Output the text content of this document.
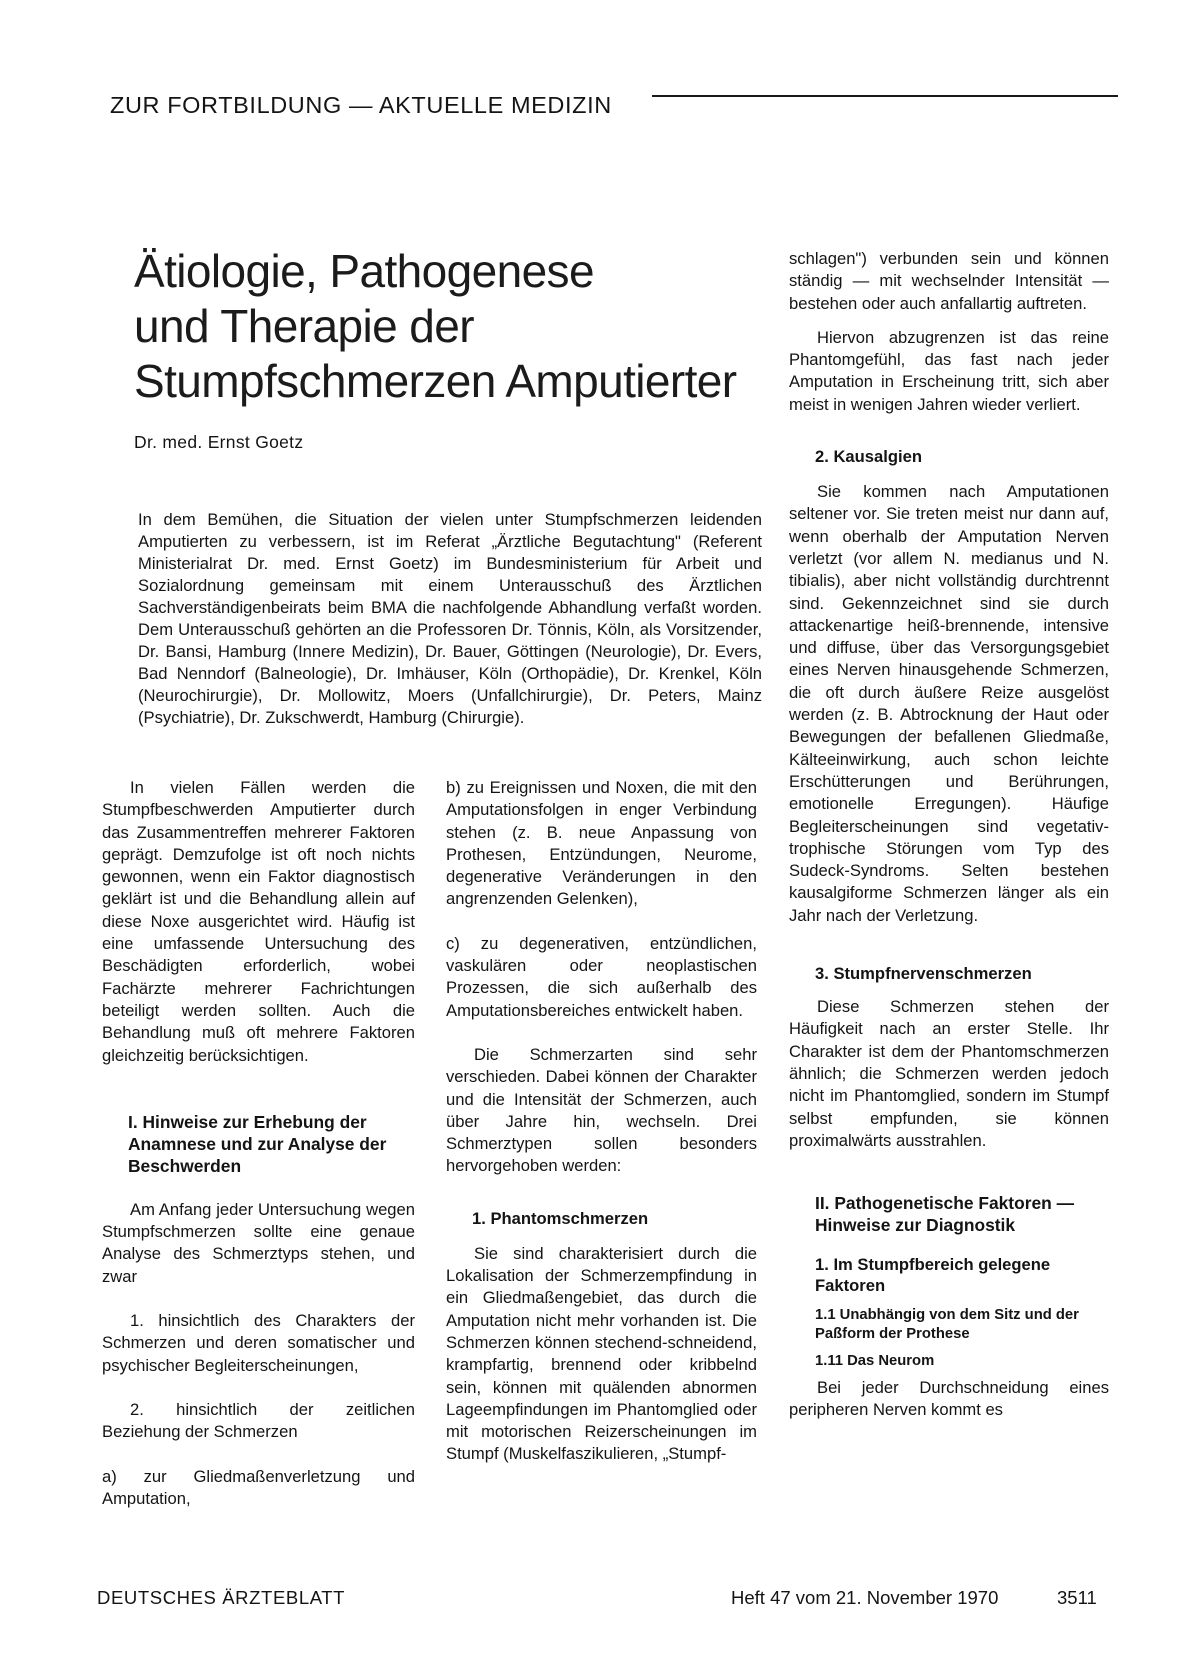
ZUR FORTBILDUNG — AKTUELLE MEDIZIN
Ätiologie, Pathogenese
und Therapie der
Stumpfschmerzen Amputierter
Dr. med. Ernst Goetz
In dem Bemühen, die Situation der vielen unter Stumpfschmerzen leidenden Amputierten zu verbessern, ist im Referat „Ärztliche Begutachtung" (Referent Ministerialrat Dr. med. Ernst Goetz) im Bundesministerium für Arbeit und Sozialordnung gemeinsam mit einem Unterausschuß des Ärztlichen Sachverständigenbeirats beim BMA die nachfolgende Abhandlung verfaßt worden. Dem Unterausschuß gehörten an die Professoren Dr. Tönnis, Köln, als Vorsitzender, Dr. Bansi, Hamburg (Innere Medizin), Dr. Bauer, Göttingen (Neurologie), Dr. Evers, Bad Nenndorf (Balneologie), Dr. Imhäuser, Köln (Orthopädie), Dr. Krenkel, Köln (Neurochirurgie), Dr. Mollowitz, Moers (Unfallchirurgie), Dr. Peters, Mainz (Psychiatrie), Dr. Zukschwerdt, Hamburg (Chirurgie).

In vielen Fällen werden die Stumpfbeschwerden Amputierter durch das Zusammentreffen mehrerer Faktoren geprägt. Demzufolge ist oft noch nichts gewonnen, wenn ein Faktor diagnostisch geklärt ist und die Behandlung allein auf diese Noxe ausgerichtet wird. Häufig ist eine umfassende Untersuchung des Beschädigten erforderlich, wobei Fachärzte mehrerer Fachrichtungen beteiligt werden sollten. Auch die Behandlung muß oft mehrere Faktoren gleichzeitig berücksichtigen.

I. Hinweise zur Erhebung der Anamnese und zur Analyse der Beschwerden

Am Anfang jeder Untersuchung wegen Stumpfschmerzen sollte eine genaue Analyse des Schmerztyps stehen, und zwar

1. hinsichtlich des Charakters der Schmerzen und deren somatischer und psychischer Begleiterscheinungen,

2. hinsichtlich der zeitlichen Beziehung der Schmerzen

a) zur Gliedmaßenverletzung und Amputation,

b) zu Ereignissen und Noxen, die mit den Amputationsfolgen in enger Verbindung stehen (z. B. neue Anpassung von Prothesen, Entzündungen, Neurome, degenerative Veränderungen in den angrenzenden Gelenken),

c) zu degenerativen, entzündlichen, vaskulären oder neoplastischen Prozessen, die sich außerhalb des Amputationsbereiches entwickelt haben.

Die Schmerzarten sind sehr verschieden. Dabei können der Charakter und die Intensität der Schmerzen, auch über Jahre hin, wechseln. Drei Schmerztypen sollen besonders hervorgehoben werden:

1. Phantomschmerzen

Sie sind charakterisiert durch die Lokalisation der Schmerzempfindung in ein Gliedmaßengebiet, das durch die Amputation nicht mehr vorhanden ist. Die Schmerzen können stechend-schneidend, krampfartig, brennend oder kribbelnd sein, können mit quälenden abnormen Lageempfindungen im Phantomglied oder mit motorischen Reizerscheinungen im Stumpf (Muskelfaszikulieren, „Stumpf-

schlagen") verbunden sein und können ständig — mit wechselnder Intensität — bestehen oder auch anfallartig auftreten.

Hiervon abzugrenzen ist das reine Phantomgefühl, das fast nach jeder Amputation in Erscheinung tritt, sich aber meist in wenigen Jahren wieder verliert.

2. Kausalgien

Sie kommen nach Amputationen seltener vor. Sie treten meist nur dann auf, wenn oberhalb der Amputation Nerven verletzt (vor allem N. medianus und N. tibialis), aber nicht vollständig durchtrennt sind. Gekennzeichnet sind sie durch attackenartige heiß-brennende, intensive und diffuse, über das Versorgungsgebiet eines Nerven hinausgehende Schmerzen, die oft durch äußere Reize ausgelöst werden (z. B. Abtrocknung der Haut oder Bewegungen der befallenen Gliedmaße, Kälteeinwirkung, auch schon leichte Erschütterungen und Berührungen, emotionelle Erregungen). Häufige Begleiterscheinungen sind vegetativ-trophische Störungen vom Typ des Sudeck-Syndroms. Selten bestehen kausalgiforme Schmerzen länger als ein Jahr nach der Verletzung.

3. Stumpfnervenschmerzen

Diese Schmerzen stehen der Häufigkeit nach an erster Stelle. Ihr Charakter ist dem der Phantomschmerzen ähnlich; die Schmerzen werden jedoch nicht im Phantomglied, sondern im Stumpf selbst empfunden, sie können proximalwärts ausstrahlen.

II. Pathogenetische Faktoren — Hinweise zur Diagnostik
1. Im Stumpfbereich gelegene Faktoren
1.1 Unabhängig von dem Sitz und der Paßform der Prothese
1.11 Das Neurom

Bei jeder Durchschneidung eines peripheren Nerven kommt es

DEUTSCHES ÄRZTEBLATT	Heft 47 vom 21. November 1970	3511
